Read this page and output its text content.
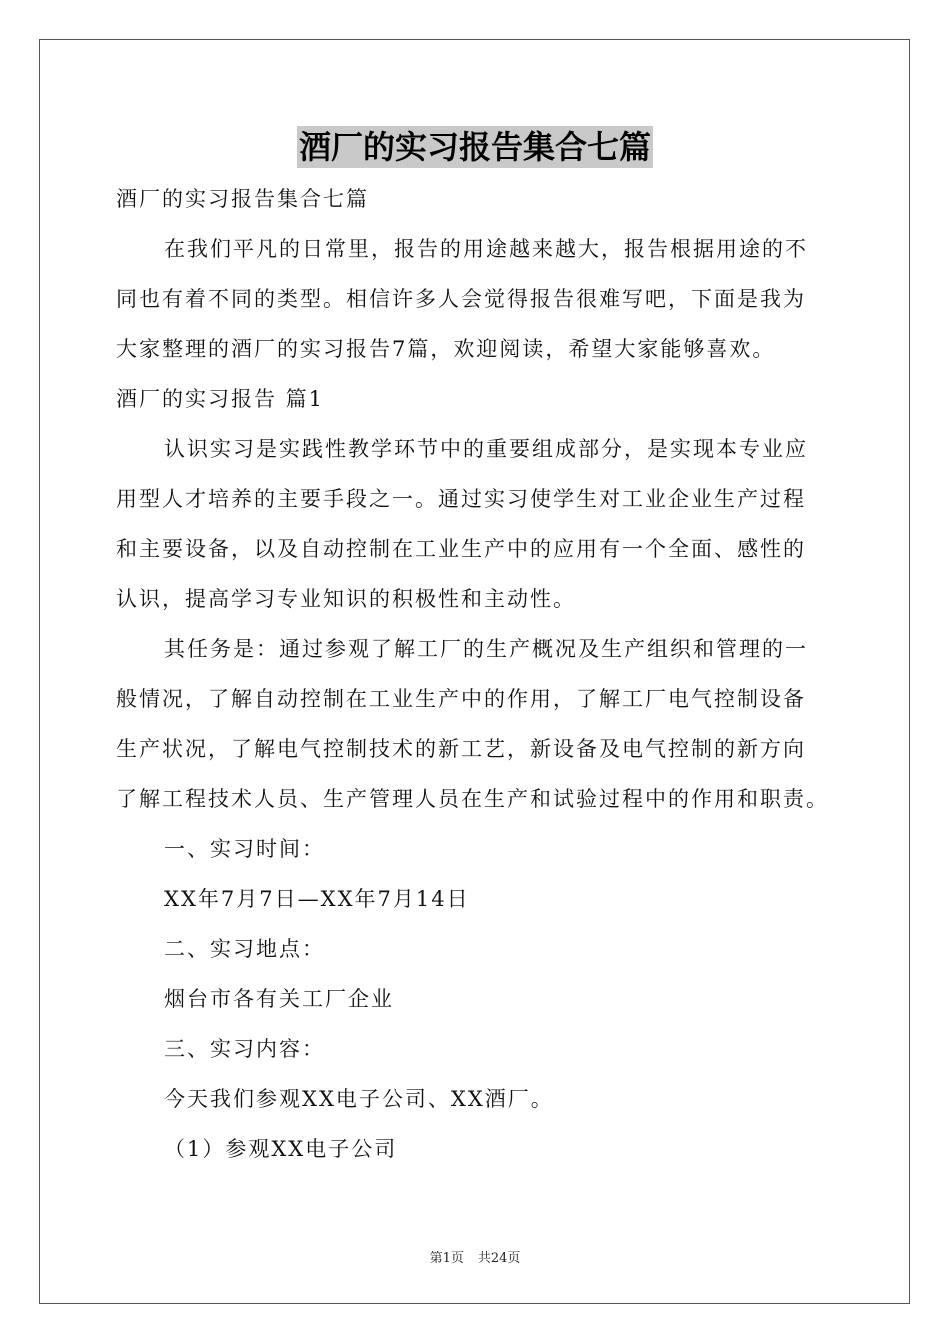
酒厂的实习报告集合七篇
酒厂的实习报告集合七篇
在我们平凡的日常里，报告的用途越来越大，报告根据用途的不
同也有着不同的类型。相信许多人会觉得报告很难写吧，下面是我为
大家整理的酒厂的实习报告7篇，欢迎阅读，希望大家能够喜欢。
酒厂的实习报告 篇1
认识实习是实践性教学环节中的重要组成部分，是实现本专业应
用型人才培养的主要手段之一。通过实习使学生对工业企业生产过程
和主要设备，以及自动控制在工业生产中的应用有一个全面、感性的
认识，提高学习专业知识的积极性和主动性。
其任务是：通过参观了解工厂的生产概况及生产组织和管理的一
般情况，了解自动控制在工业生产中的作用，了解工厂电气控制设备
生产状况，了解电气控制技术的新工艺，新设备及电气控制的新方向
了解工程技术人员、生产管理人员在生产和试验过程中的作用和职责。
一、实习时间：
XX年7月7日—XX年7月14日
二、实习地点：
烟台市各有关工厂企业
三、实习内容：
今天我们参观XX电子公司、XX酒厂。
（1）参观XX电子公司
第1页 共24页
